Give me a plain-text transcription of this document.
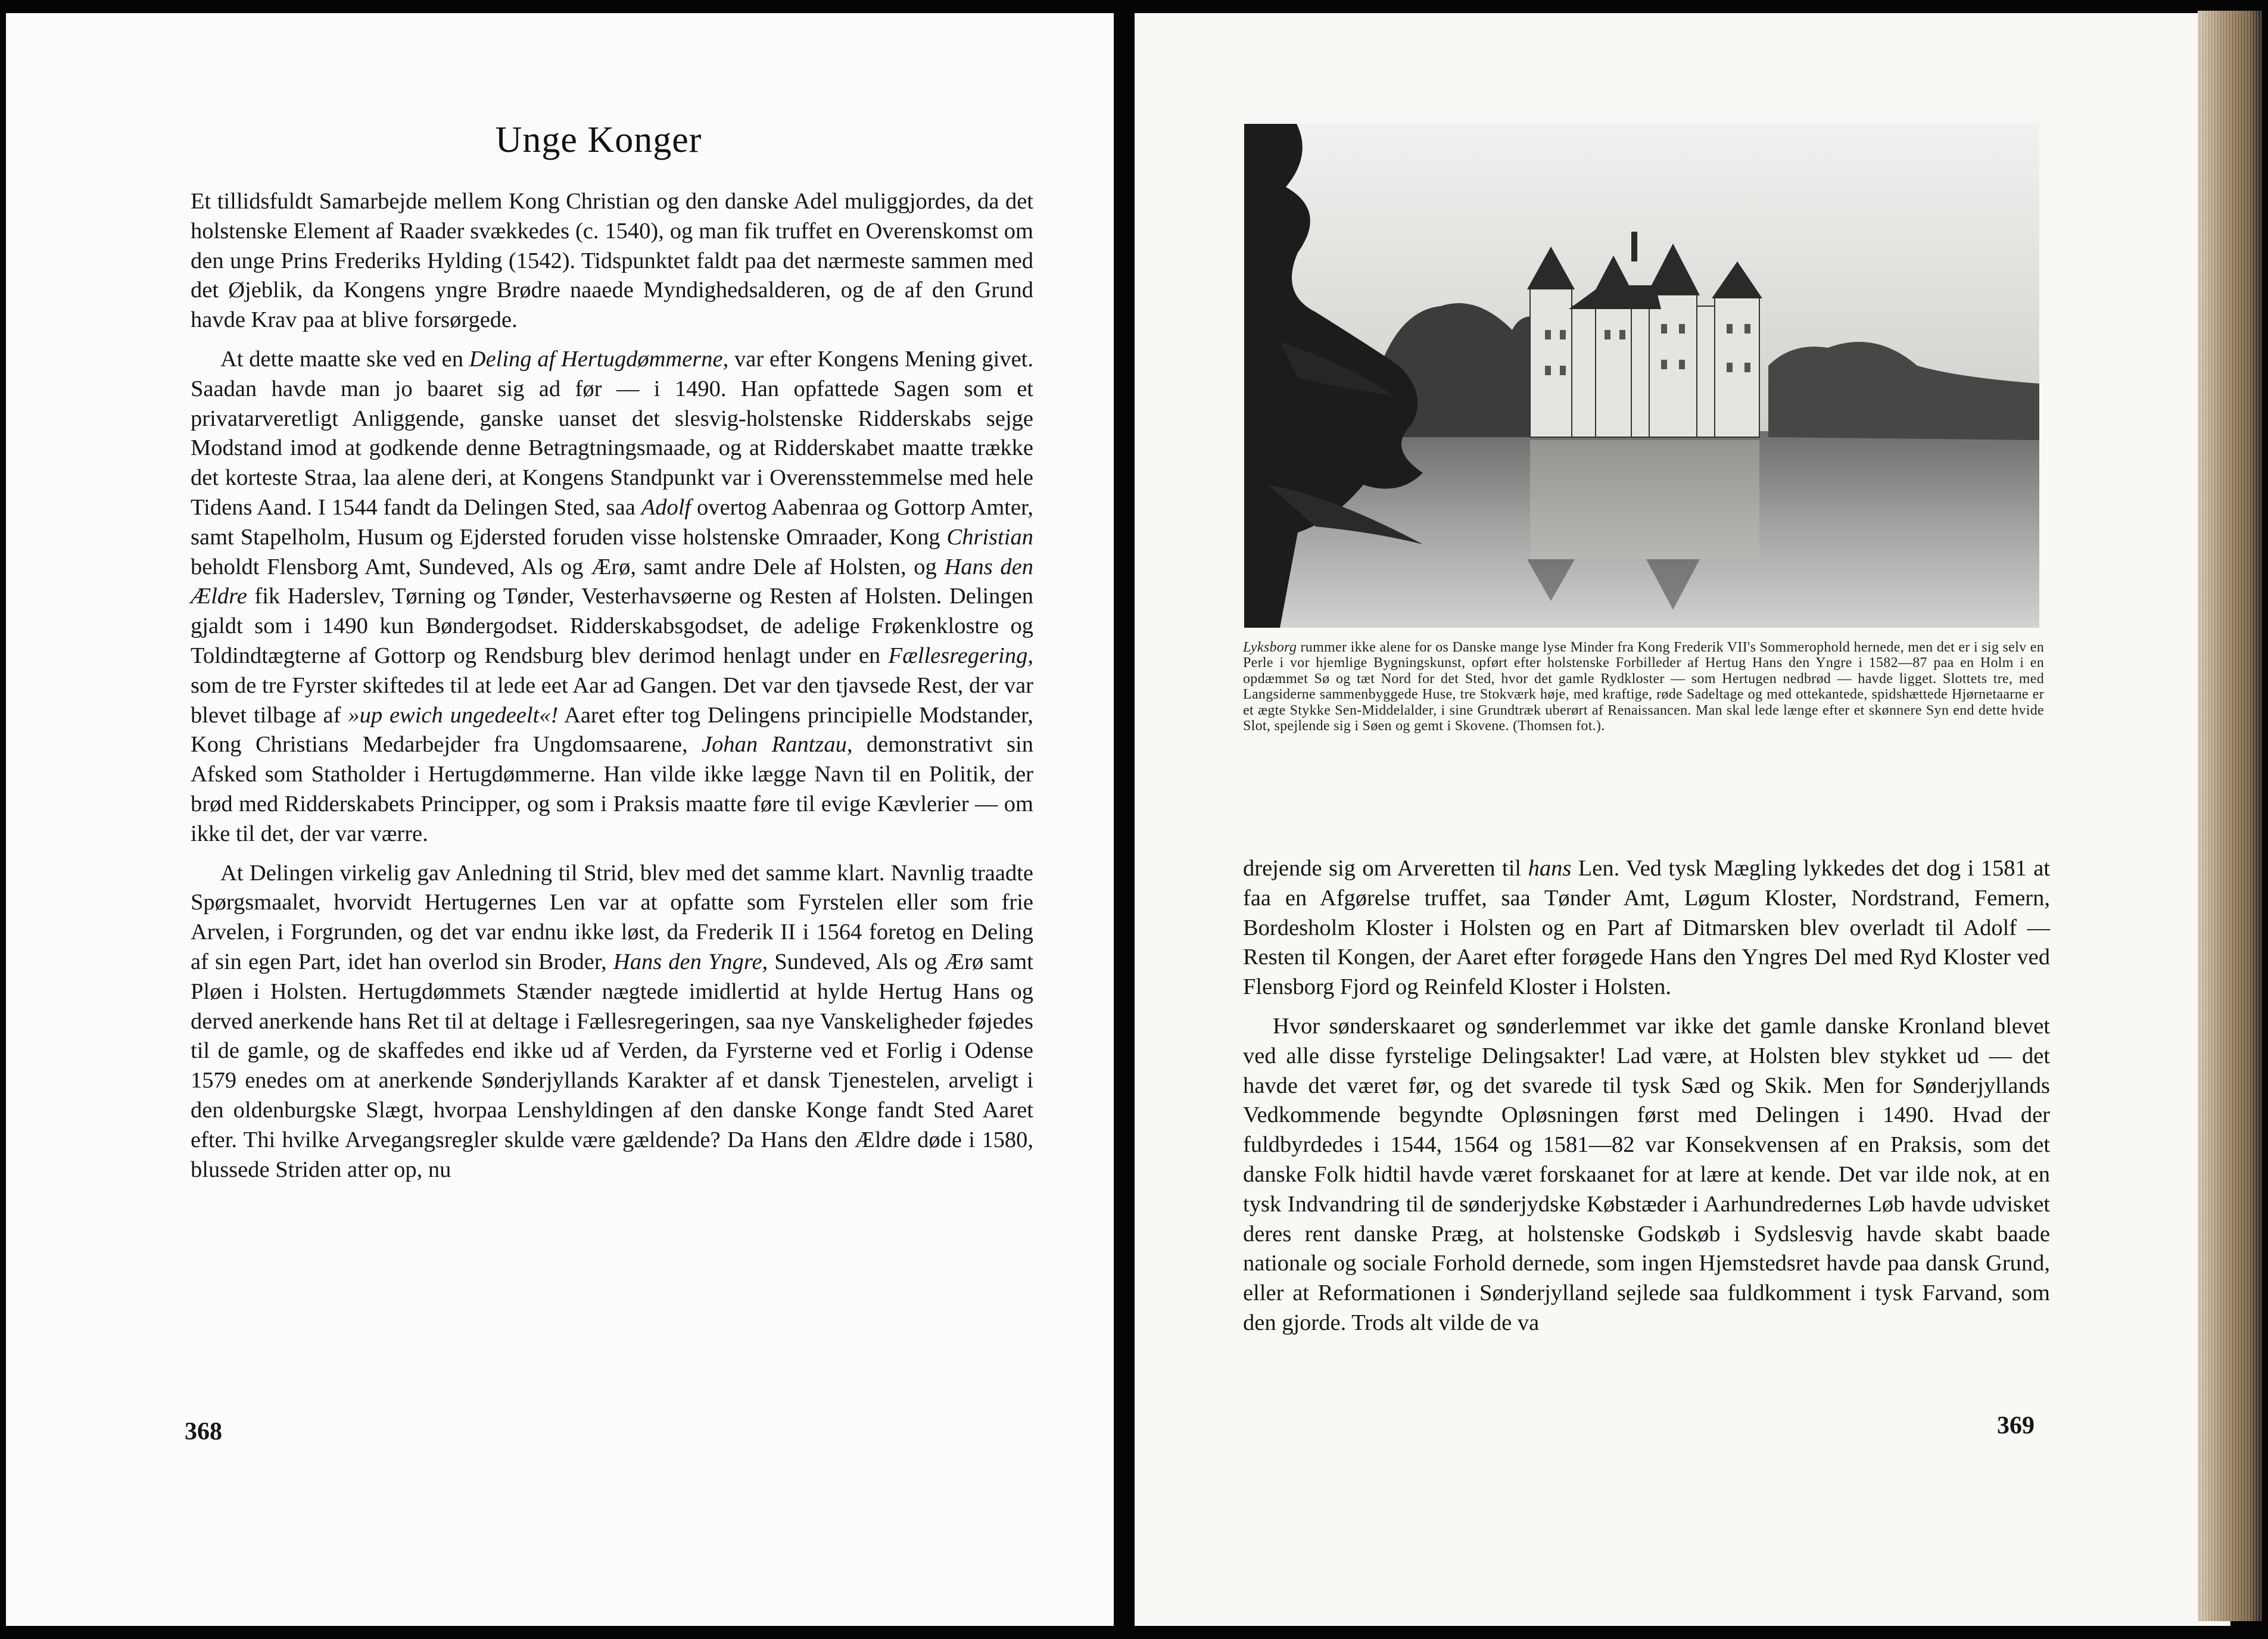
Unge Konger

Et tillidsfuldt Samarbejde mellem Kong Christian og den danske Adel muliggjordes, da det holstenske Element af Raader svækkedes (c. 1540), og man fik truffet en Overenskomst om den unge Prins Frederiks Hylding (1542). Tidspunktet faldt paa det nærmeste sammen med det Øjeblik, da Kongens yngre Brødre naaede Myndighedsalderen, og de af den Grund havde Krav paa at blive forsørgede.

At dette maatte ske ved en Deling af Hertugdømmerne, var efter Kongens Mening givet. Saadan havde man jo baaret sig ad før — i 1490. Han opfattede Sagen som et privatarveretligt Anliggende, ganske uanset det slesvig-holstenske Ridderskabs sejge Modstand imod at godkende denne Betragtningsmaade, og at Ridderskabet maatte trække det korteste Straa, laa alene deri, at Kongens Standpunkt var i Overensstemmelse med hele Tidens Aand. I 1544 fandt da Delingen Sted, saa Adolf overtog Aabenraa og Gottorp Amter, samt Stapelholm, Husum og Ejdersted foruden visse holstenske Omraader, Kong Christian beholdt Flensborg Amt, Sundeved, Als og Ærø, samt andre Dele af Holsten, og Hans den Ældre fik Haderslev, Tørning og Tønder, Vesterhavsøerne og Resten af Holsten. Delingen gjaldt som i 1490 kun Bøndergodset. Ridderskabsgodset, de adelige Frøkenklostre og Toldindtægterne af Gottorp og Rendsburg blev derimod henlagt under en Fællesregering, som de tre Fyrster skiftedes til at lede eet Aar ad Gangen. Det var den tjavsede Rest, der var blevet tilbage af »up ewich ungedeelt«! Aaret efter tog Delingens principielle Modstander, Kong Christians Medarbejder fra Ungdomsaarene, Johan Rantzau, demonstrativt sin Afsked som Statholder i Hertugdømmerne. Han vilde ikke lægge Navn til en Politik, der brød med Ridderskabets Principper, og som i Praksis maatte føre til evige Kævlerier — om ikke til det, der var værre.

At Delingen virkelig gav Anledning til Strid, blev med det samme klart. Navnlig traadte Spørgsmaalet, hvorvidt Hertugernes Len var at opfatte som Fyrstelen eller som frie Arvelen, i Forgrunden, og det var endnu ikke løst, da Frederik II i 1564 foretog en Deling af sin egen Part, idet han overlod sin Broder, Hans den Yngre, Sundeved, Als og Ærø samt Pløen i Holsten. Hertugdømmets Stænder nægtede imidlertid at hylde Hertug Hans og derved anerkende hans Ret til at deltage i Fællesregeringen, saa nye Vanskeligheder føjedes til de gamle, og de skaffedes end ikke ud af Verden, da Fyrsterne ved et Forlig i Odense 1579 enedes om at anerkende Sønderjyllands Karakter af et dansk Tjenestelen, arveligt i den oldenburgske Slægt, hvorpaa Lenshyldingen af den danske Konge fandt Sted Aaret efter. Thi hvilke Arvegangsregler skulde være gældende? Da Hans den Ældre døde i 1580, blussede Striden atter op, nu

368
Lyksborg rummer ikke alene for os Danske mange lyse Minder fra Kong Frederik VII's Sommerophold hernede, men det er i sig selv en Perle i vor hjemlige Bygningskunst, opført efter holstenske Forbilleder af Hertug Hans den Yngre i 1582—87 paa en Holm i en opdæmmet Sø og tæt Nord for det Sted, hvor det gamle Rydkloster — som Hertugen nedbrød — havde ligget. Slottets tre, med Langsiderne sammenbyggede Huse, tre Stokværk høje, med kraftige, røde Sadeltage og med ottekantede, spidshættede Hjørnetaarne er et ægte Stykke Sen-Middelalder, i sine Grundtræk uberørt af Renaissancen. Man skal lede længe efter et skønnere Syn end dette hvide Slot, spejlende sig i Søen og gemt i Skovene. (Thomsen fot.).

drejende sig om Arveretten til hans Len. Ved tysk Mægling lykkedes det dog i 1581 at faa en Afgørelse truffet, saa Tønder Amt, Løgum Kloster, Nordstrand, Femern, Bordesholm Kloster i Holsten og en Part af Ditmarsken blev overladt til Adolf — Resten til Kongen, der Aaret efter forøgede Hans den Yngres Del med Ryd Kloster ved Flensborg Fjord og Reinfeld Kloster i Holsten.

Hvor sønderskaaret og sønderlemmet var ikke det gamle danske Kronland blevet ved alle disse fyrstelige Delingsakter! Lad være, at Holsten blev stykket ud — det havde det været før, og det svarede til tysk Sæd og Skik. Men for Sønderjyllands Vedkommende begyndte Opløsningen først med Delingen i 1490. Hvad der fuldbyrdedes i 1544, 1564 og 1581—82 var Konsekvensen af en Praksis, som det danske Folk hidtil havde været forskaanet for at lære at kende. Det var ilde nok, at en tysk Indvandring til de sønderjydske Købstæder i Aarhundredernes Løb havde udvisket deres rent danske Præg, at holstenske Godskøb i Sydslesvig havde skabt baade nationale og sociale Forhold dernede, som ingen Hjemstedsret havde paa dansk Grund, eller at Reformationen i Sønderjylland sejlede saa fuldkomment i tysk Farvand, som den gjorde. Trods alt vilde de va

369
